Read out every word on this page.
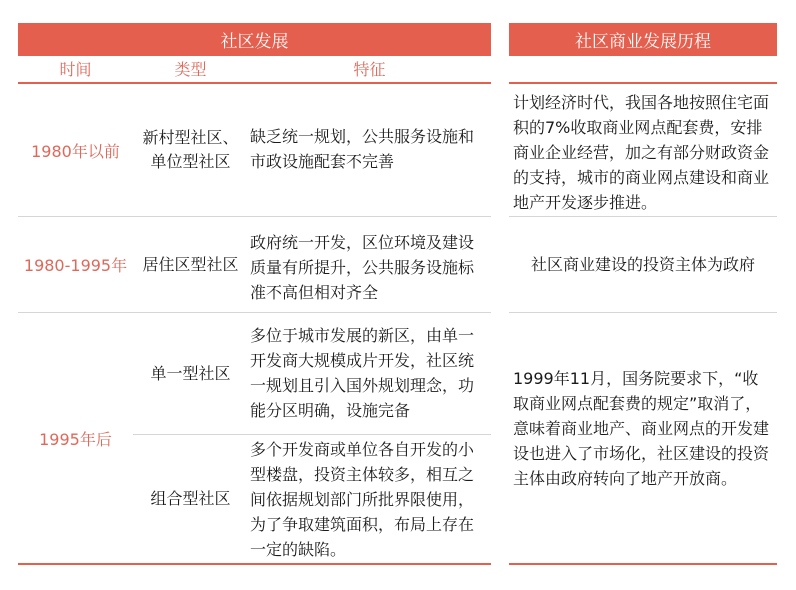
社区发展
时间	类型	特征
1980年以前
新村型社区、单位型社区
缺乏统一规划，公共服务设施和市政设施配套不完善
1980-1995年 居住区型社区
政府统一开发，区位环境及建设质量有所提升，公共服务设施标准不高但相对齐全
1995年后
单一型社区
多位于城市发展的新区，由单一开发商大规模成片开发，社区统一规划且引入国外规划理念，功能分区明确，设施完备
组合型社区
多个开发商或单位各自开发的小型楼盘，投资主体较多，相互之间依据规划部门所批界限使用，为了争取建筑面积，布局上存在一定的缺陷。
社区商业发展历程
计划经济时代，我国各地按照住宅面积的7%收取商业网点配套费，安排商业企业经营，加之有部分财政资金的支持，城市的商业网点建设和商业地产开发逐步推进。
社区商业建设的投资主体为政府
1999年11月，国务院要求下，“收取商业网点配套费的规定”取消了，意味着商业地产、商业网点的开发建设也进入了市场化，社区建设的投资主体由政府转向了地产开放商。
